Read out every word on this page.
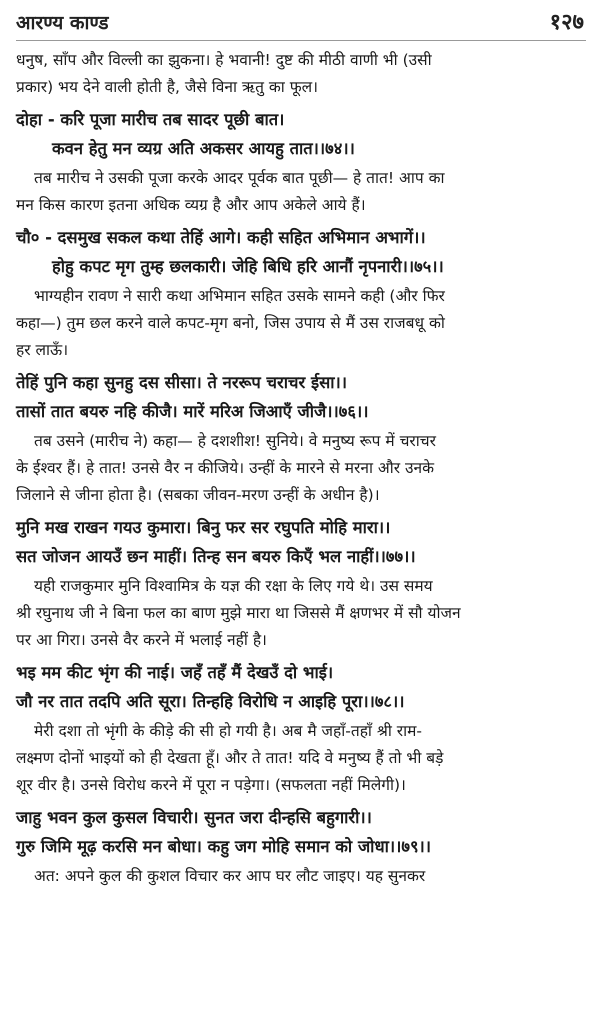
आरण्य काण्ड	१२७

धनुष, साँप और विल्ली का झुकना। हे भवानी! दुष्ट की मीठी वाणी भी (उसी
प्रकार) भय देने वाली होती है, जैसे विना ऋतु का फूल।

दोहा - करि पूजा मारीच तब सादर पूछी बात।
कवन हेतु मन व्यग्र अति अकसर आयहु तात।।७४।।

तब मारीच ने उसकी पूजा करके आदर पूर्वक बात पूछी— हे तात! आप का
मन किस कारण इतना अधिक व्यग्र है और आप अकेले आये हैं।

चौ० - दसमुख सकल कथा तेहिं आगे। कही सहित अभिमान अभागें।।
होहु कपट मृग तुम्ह छलकारी। जेहि बिधि हरि आनौं नृपनारी।।७५।।

भाग्यहीन रावण ने सारी कथा अभिमान सहित उसके सामने कही (और फिर
कहा—) तुम छल करने वाले कपट-मृग बनो, जिस उपाय से मैं उस राजबधू को
हर लाऊँ।

तेहिं पुनि कहा सुनहु दस सीसा। ते नररूप चराचर ईसा।।
तासों तात बयरु नहि कीजै। मारें मरिअ जिआएँ जीजै।।७६।।

तब उसने (मारीच ने) कहा— हे दशशीश! सुनिये। वे मनुष्य रूप में चराचर
के ईश्वर हैं। हे तात! उनसे वैर न कीजिये। उन्हीं के मारने से मरना और उनके
जिलाने से जीना होता है। (सबका जीवन-मरण उन्हीं के अधीन है)।

मुनि मख राखन गयउ कुमारा। बिनु फर सर रघुपति मोहि मारा।।
सत जोजन आयउँ छन माहीं। तिन्ह सन बयरु किएँ भल नाहीं।।७७।।

यही राजकुमार मुनि विश्वामित्र के यज्ञ की रक्षा के लिए गये थे। उस समय
श्री रघुनाथ जी ने बिना फल का बाण मुझे मारा था जिससे मैं क्षणभर में सौ योजन
पर आ गिरा। उनसे वैर करने में भलाई नहीं है।

भइ मम कीट भृंग की नाई। जहँ तहँ मैं देखउँ दो भाई।
जौ नर तात तदपि अति सूरा। तिन्हहि विरोधि न आइहि पूरा।।७८।।

मेरी दशा तो भृंगी के कीड़े की सी हो गयी है। अब मै जहाँ-तहाँ श्री राम-
लक्ष्मण दोनों भाइयों को ही देखता हूँ। और ते तात! यदि वे मनुष्य हैं तो भी बड़े
शूर वीर है। उनसे विरोध करने में पूरा न पड़ेगा। (सफलता नहीं मिलेगी)।

जाहु भवन कुल कुसल विचारी। सुनत जरा दीन्हसि बहुगारी।।
गुरु जिमि मूढ़ करसि मन बोधा। कहु जग मोहि समान को जोधा।।७९।।

अत: अपने कुल की कुशल विचार कर आप घर लौट जाइए। यह सुनकर
